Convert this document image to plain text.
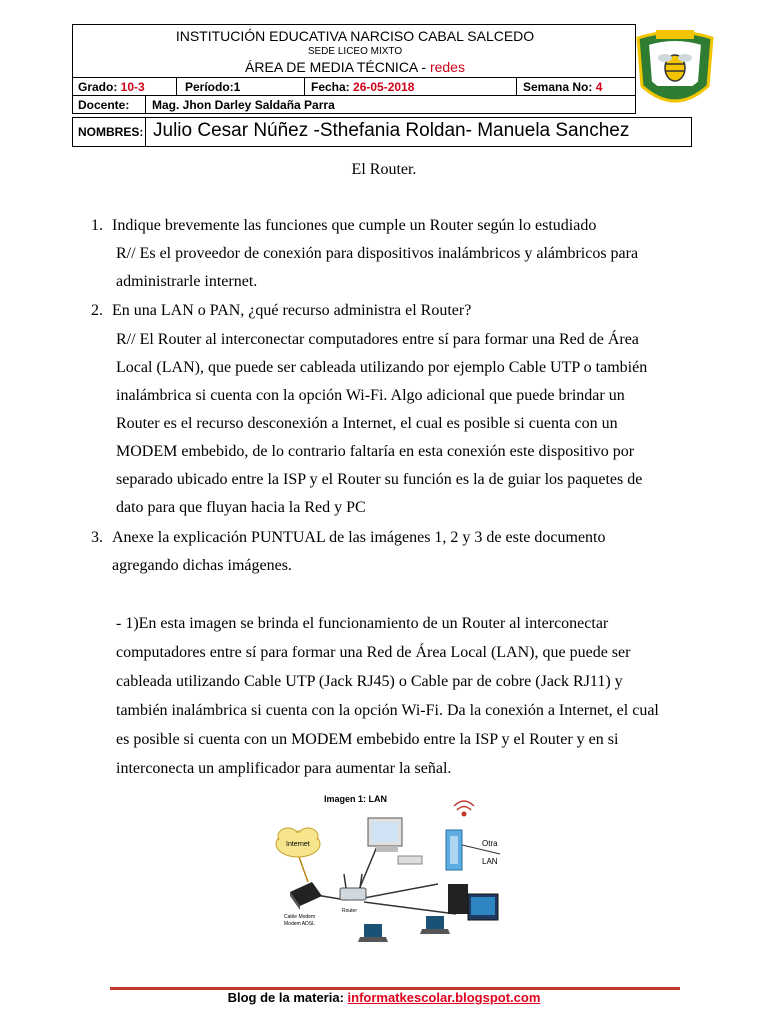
INSTITUCIÓN EDUCATIVA NARCISO CABAL SALCEDO
SEDE LICEO MIXTO
ÁREA DE MEDIA TÉCNICA - redes
Grado: 10-3	Período:1	Fecha: 26-05-2018	Semana No: 4
Docente: Mag. Jhon Darley Saldaña Parra
NOMBRES: Julio Cesar Núñez -Sthefania Roldan- Manuela Sanchez
El Router.
1. Indique brevemente las funciones que cumple un Router según lo estudiado
R// Es el proveedor de conexión para dispositivos inalámbricos y alámbricos para
administrarle internet.
2. En una LAN o PAN, ¿qué recurso administra el Router?
R// El Router al interconectar computadores entre sí para formar una Red de Área
Local (LAN), que puede ser cableada utilizando por ejemplo Cable UTP o también
inalámbrica si cuenta con la opción Wi-Fi. Algo adicional que puede brindar un
Router es el recurso desconexión a Internet, el cual es posible si cuenta con un
MODEM embebido, de lo contrario faltaría en esta conexión este dispositivo por
separado ubicado entre la ISP y el Router su función es la de guiar los paquetes de
dato para que fluyan hacia la Red y PC
3. Anexe la explicación PUNTUAL de las imágenes 1, 2 y 3 de este documento
agregando dichas imágenes.
- 1)En esta imagen se brinda el funcionamiento de un Router al interconectar
computadores entre sí para formar una Red de Área Local (LAN), que puede ser
cableada utilizando Cable UTP (Jack RJ45) o Cable par de cobre (Jack RJ11) y
también inalámbrica si cuenta con la opción Wi-Fi. Da la conexión a Internet, el cual
es posible si cuenta con un MODEM embebido entre la ISP y el Router y en si
interconecta un amplificador para aumentar la señal.
Imagen 1: LAN
Internet	Otra
LAN
Router
Cable Modem
Modem ADSL
Blog de la materia: informatkescolar.blogspot.com
